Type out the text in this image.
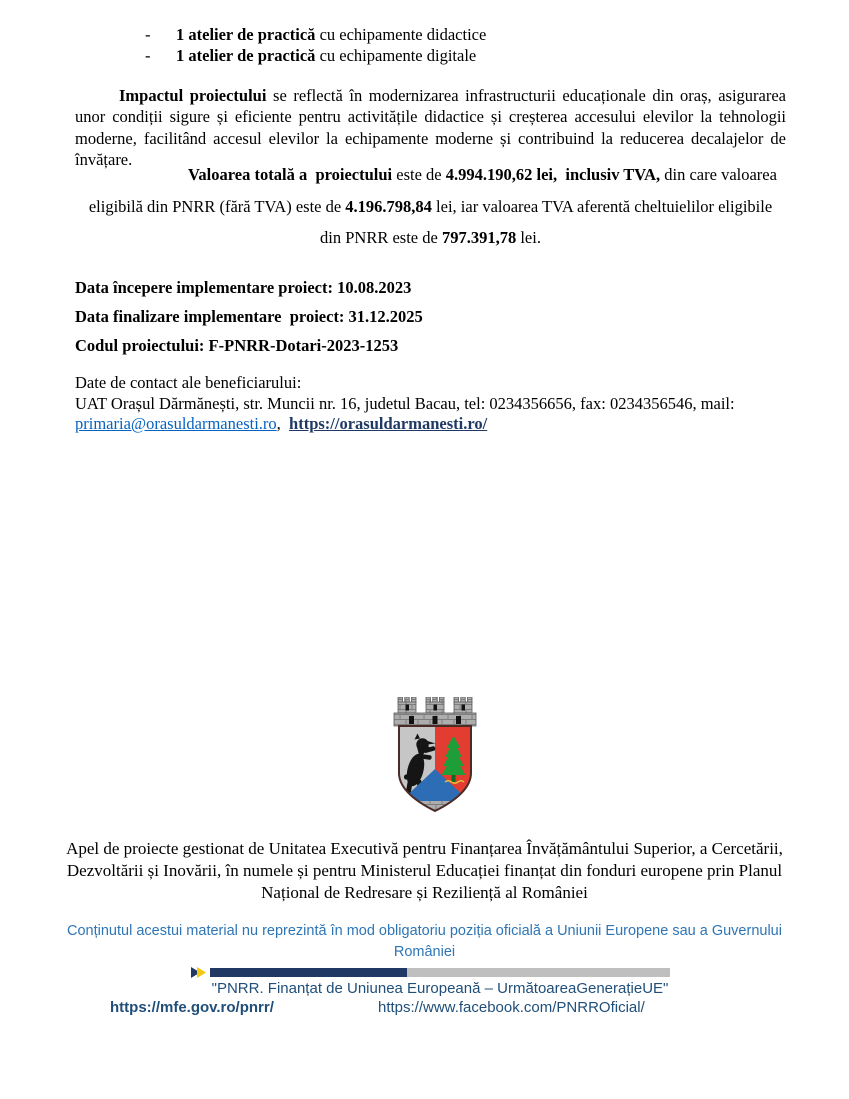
-	1 atelier de practică cu echipamente didactice
-	1 atelier de practică cu echipamente digitale
Impactul proiectului se reflectă în modernizarea infrastructurii educaționale din oraș, asigurarea unor condiții sigure și eficiente pentru activitățile didactice și creșterea accesului elevilor la tehnologii moderne, facilitând accesul elevilor la echipamente moderne și contribuind la reducerea decalajelor de învățare.
Valoarea totală a  proiectului este de 4.994.190,62 lei,  inclusiv TVA, din care valoarea
eligibilă din PNRR (fără TVA) este de 4.196.798,84 lei, iar valoarea TVA aferentă cheltuielilor eligibile
din PNRR este de 797.391,78 lei.
Data începere implementare proiect: 10.08.2023
Data finalizare implementare  proiect: 31.12.2025
Codul proiectului: F-PNRR-Dotari-2023-1253
Date de contact ale beneficiarului:
UAT Orașul Dărmănești, str. Muncii nr. 16, judetul Bacau, tel: 0234356656, fax: 0234356546, mail:
primaria@orasuldarmanesti.ro,  https://orasuldarmanesti.ro/
Apel de proiecte gestionat de Unitatea Executivă pentru Finanțarea Învățământului Superior, a Cercetării,
Dezvoltării și Inovării, în numele și pentru Ministerul Educației finanțat din fonduri europene prin Planul
Național de Redresare și Reziliență al României
Conținutul acestui material nu reprezintă în mod obligatoriu poziția oficială a Uniunii Europene sau a Guvernului
României
"PNRR. Finanțat de Uniunea Europeană – UrmătoareaGenerațieUE"
https://mfe.gov.ro/pnrr/	https://www.facebook.com/PNRROficial/
